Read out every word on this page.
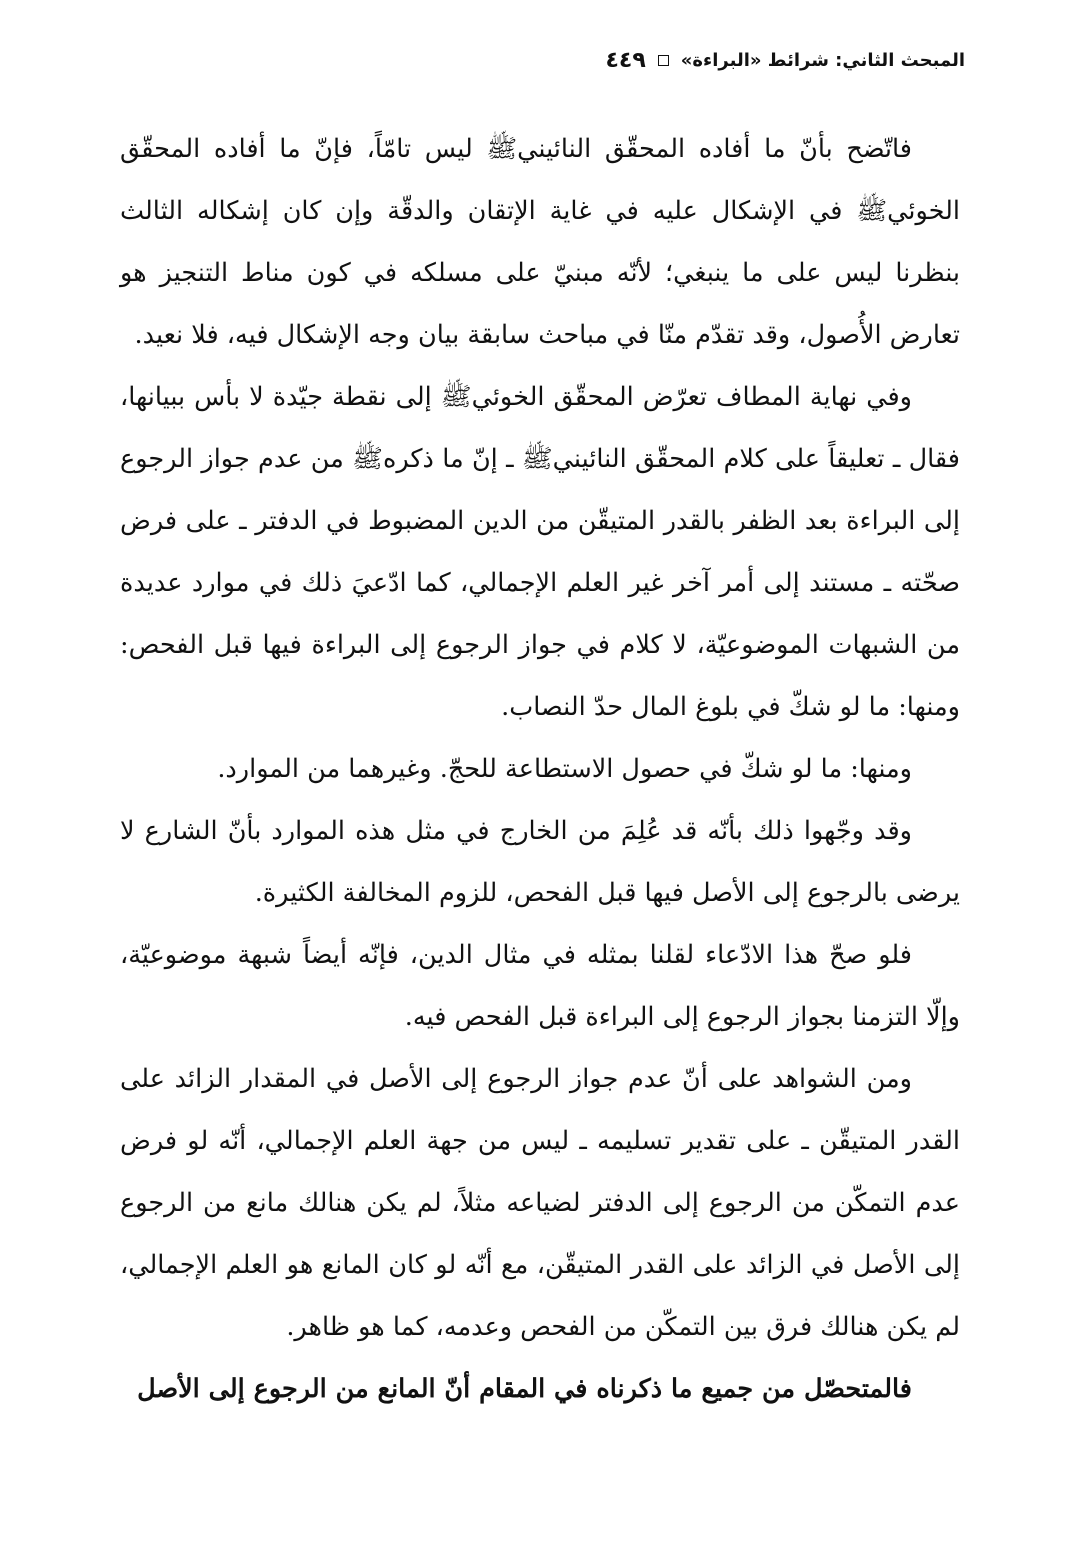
المبحث الثاني: شرائط «البراءة»
٤٤٩

فاتّضح بأنّ ما أفاده المحقّق النائينيﷺ ليس تامّاً، فإنّ ما أفاده المحقّق الخوئيﷺ في الإشكال عليه في غاية الإتقان والدقّة وإن كان إشكاله الثالث بنظرنا ليس على ما ينبغي؛ لأنّه مبنيّ على مسلكه في كون مناط التنجيز هو تعارض الأُصول، وقد تقدّم منّا في مباحث سابقة بيان وجه الإشكال فيه، فلا نعيد.

وفي نهاية المطاف تعرّض المحقّق الخوئيﷺ إلى نقطة جيّدة لا بأس ببيانها، فقال ـ تعليقاً على كلام المحقّق النائينيﷺ ـ إنّ ما ذكرهﷺ من عدم جواز الرجوع إلى البراءة بعد الظفر بالقدر المتيقّن من الدين المضبوط في الدفتر ـ على فرض صحّته ـ مستند إلى أمر آخر غير العلم الإجمالي، كما ادّعيَ ذلك في موارد عديدة من الشبهات الموضوعيّة، لا كلام في جواز الرجوع إلى البراءة فيها قبل الفحص: ومنها: ما لو شكّ في بلوغ المال حدّ النصاب.

ومنها: ما لو شكّ في حصول الاستطاعة للحجّ. وغيرهما من الموارد.

وقد وجّهوا ذلك بأنّه قد عُلِمَ من الخارج في مثل هذه الموارد بأنّ الشارع لا يرضى بالرجوع إلى الأصل فيها قبل الفحص، للزوم المخالفة الكثيرة.

فلو صحّ هذا الادّعاء لقلنا بمثله في مثال الدين، فإنّه أيضاً شبهة موضوعيّة، وإلّا التزمنا بجواز الرجوع إلى البراءة قبل الفحص فيه.

ومن الشواهد على أنّ عدم جواز الرجوع إلى الأصل في المقدار الزائد على القدر المتيقّن ـ على تقدير تسليمه ـ ليس من جهة العلم الإجمالي، أنّه لو فرض عدم التمكّن من الرجوع إلى الدفتر لضياعه مثلاً، لم يكن هنالك مانع من الرجوع إلى الأصل في الزائد على القدر المتيقّن، مع أنّه لو كان المانع هو العلم الإجمالي، لم يكن هنالك فرق بين التمكّن من الفحص وعدمه، كما هو ظاهر.

فالمتحصّل من جميع ما ذكرناه في المقام أنّ المانع من الرجوع إلى الأصل
